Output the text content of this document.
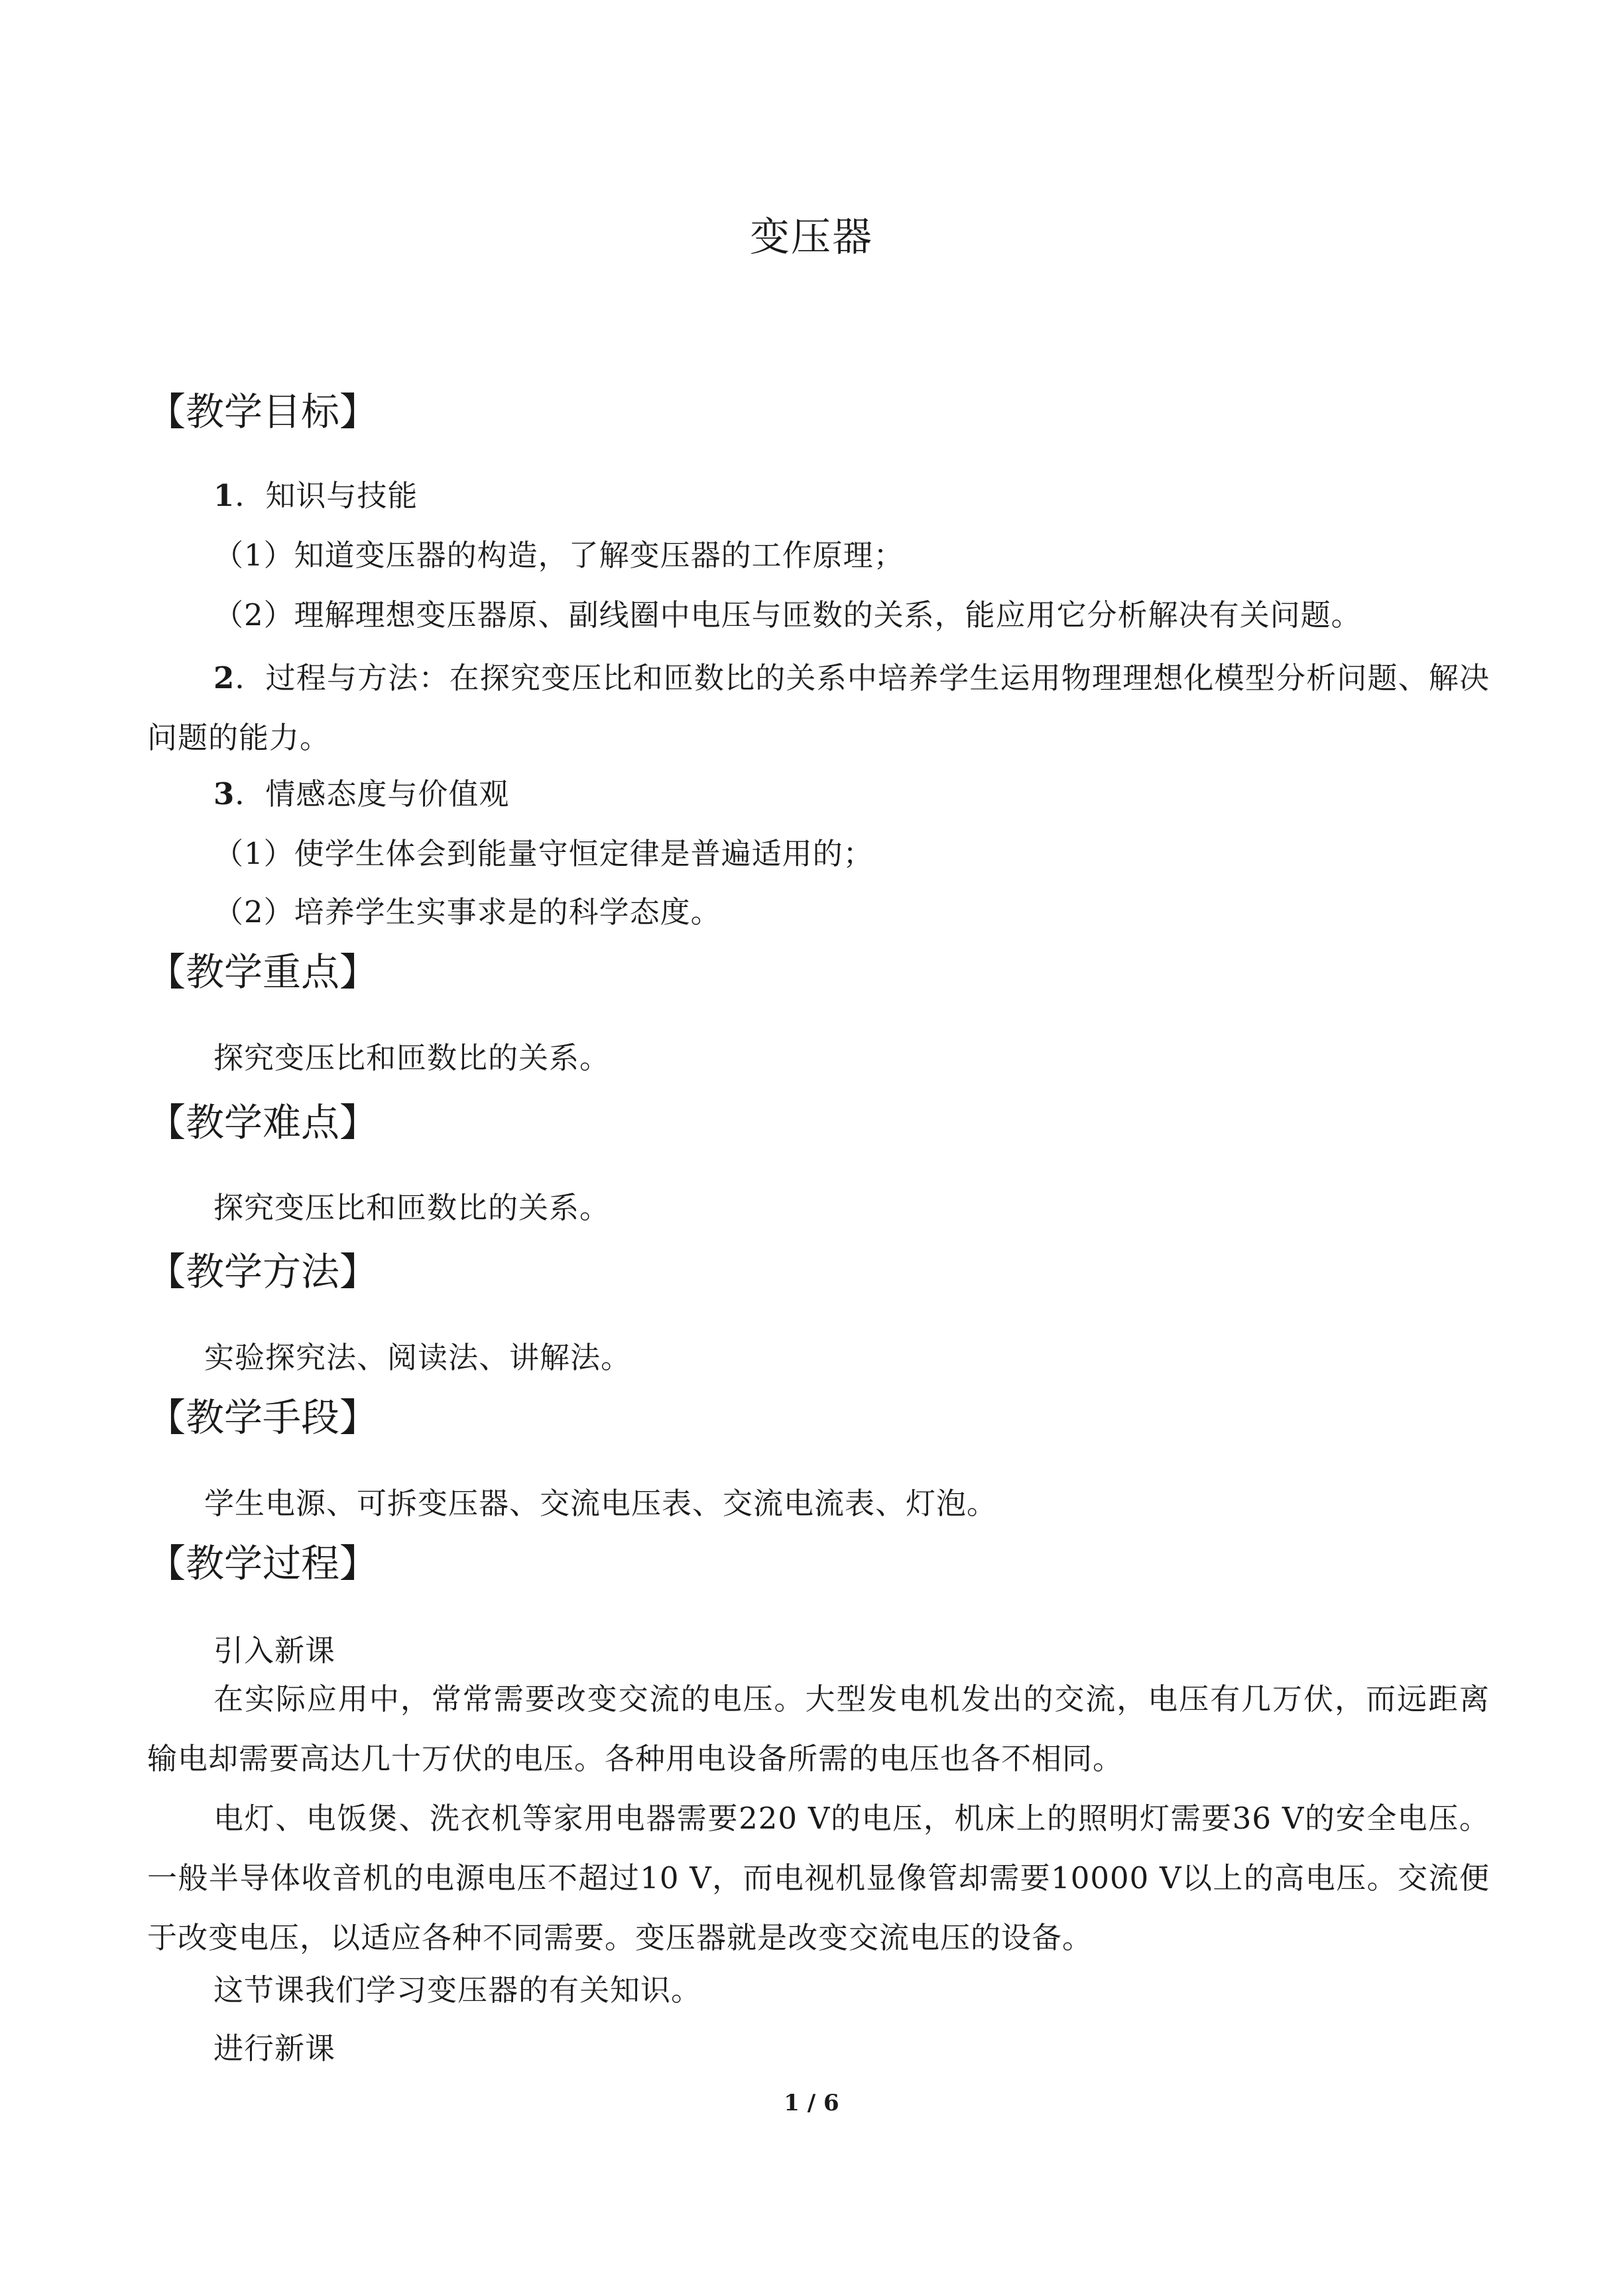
变压器
【教学目标】
1．知识与技能
（1）知道变压器的构造，了解变压器的工作原理；
（2）理解理想变压器原、副线圈中电压与匝数的关系，能应用它分析解决有关问题。
2．过程与方法：在探究变压比和匝数比的关系中培养学生运用物理理想化模型分析问题、解决问题的能力。
3．情感态度与价值观
（1）使学生体会到能量守恒定律是普遍适用的；
（2）培养学生实事求是的科学态度。
【教学重点】
探究变压比和匝数比的关系。
【教学难点】
探究变压比和匝数比的关系。
【教学方法】
实验探究法、阅读法、讲解法。
【教学手段】
学生电源、可拆变压器、交流电压表、交流电流表、灯泡。
【教学过程】
引入新课
在实际应用中，常常需要改变交流的电压。大型发电机发出的交流，电压有几万伏，而远距离输电却需要高达几十万伏的电压。各种用电设备所需的电压也各不相同。
电灯、电饭煲、洗衣机等家用电器需要220 V的电压，机床上的照明灯需要36 V的安全电压。一般半导体收音机的电源电压不超过10 V，而电视机显像管却需要10000 V以上的高电压。交流便于改变电压，以适应各种不同需要。变压器就是改变交流电压的设备。
这节课我们学习变压器的有关知识。
进行新课
1 / 6
